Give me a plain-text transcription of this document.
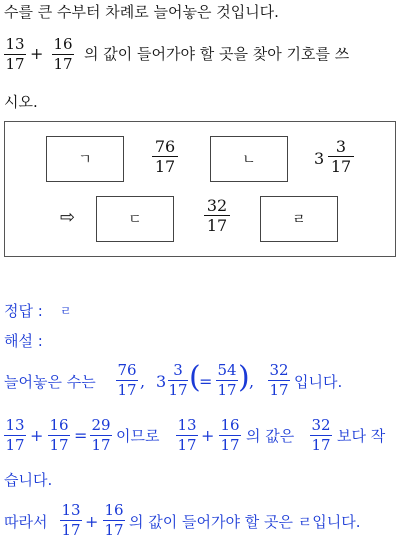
수를 큰 수부터 차례로 늘어놓은 것입니다.
13
17
+ 16
17
의 값이 들어가야 할 곳을 찾아 기호를 쓰
시오.
ㄱ
76
17	ㄴ	3
3
17
⇨	ㄷ
32
17	ㄹ
정답 : ㄹ
해설 :
늘어놓은 수는
76
17 , 3
3
17 (
=
54
17 ) ,
32
17 입니다.
13
17 +
16
17 =
29
17 이므로
13
17 +
16
17 의 값은
32
17 보다 작
습니다.
따라서
13
17 +
16
17 의 값이 들어가야 할 곳은 ㄹ입니다.
